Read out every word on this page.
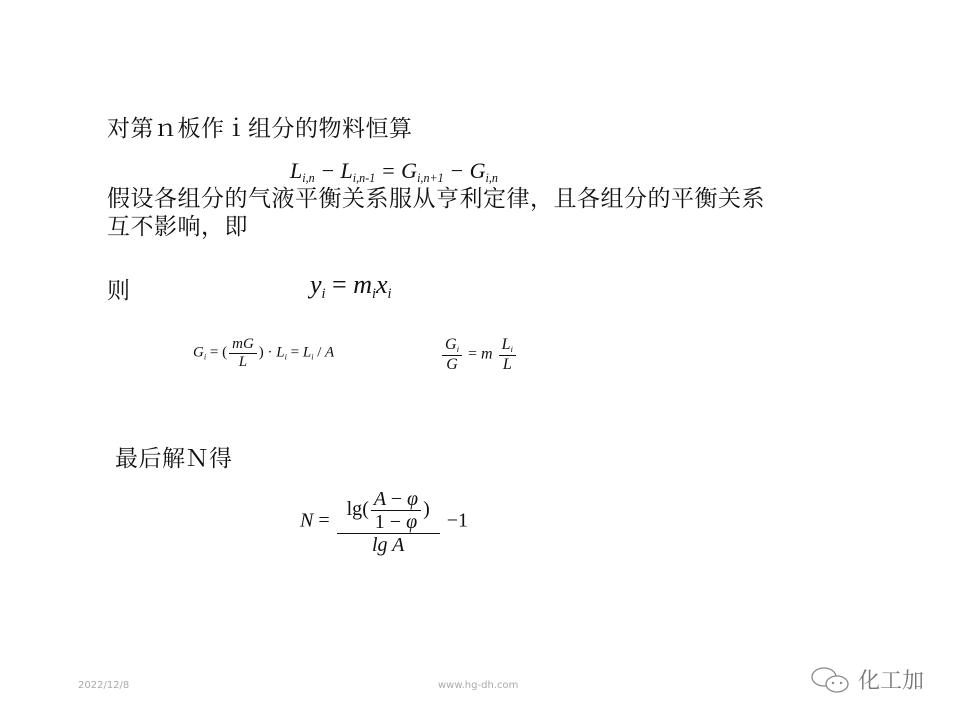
对第ｎ板作ｉ组分的物料恒算
$L_{i,n} - L_{i,n-1} = G_{i,n+1} - G_{i,n}$
假设各组分的气液平衡关系服从亨利定律，且各组分的平衡关系
互不影响，即
则	$y_i = m_ix_i$
$G_i$ = ( $\frac{mG}{L}$ ) · $L_i = L_i / A$	$\frac{G_i}{G} = m \frac{L_i}{L}$
最后解Ｎ得
$N = \frac{\lg( \frac{A - \varphi}{1 - \varphi} )}{\text{lg A}} -1$
2022/12/8	www.hg-dh.com	化工加
